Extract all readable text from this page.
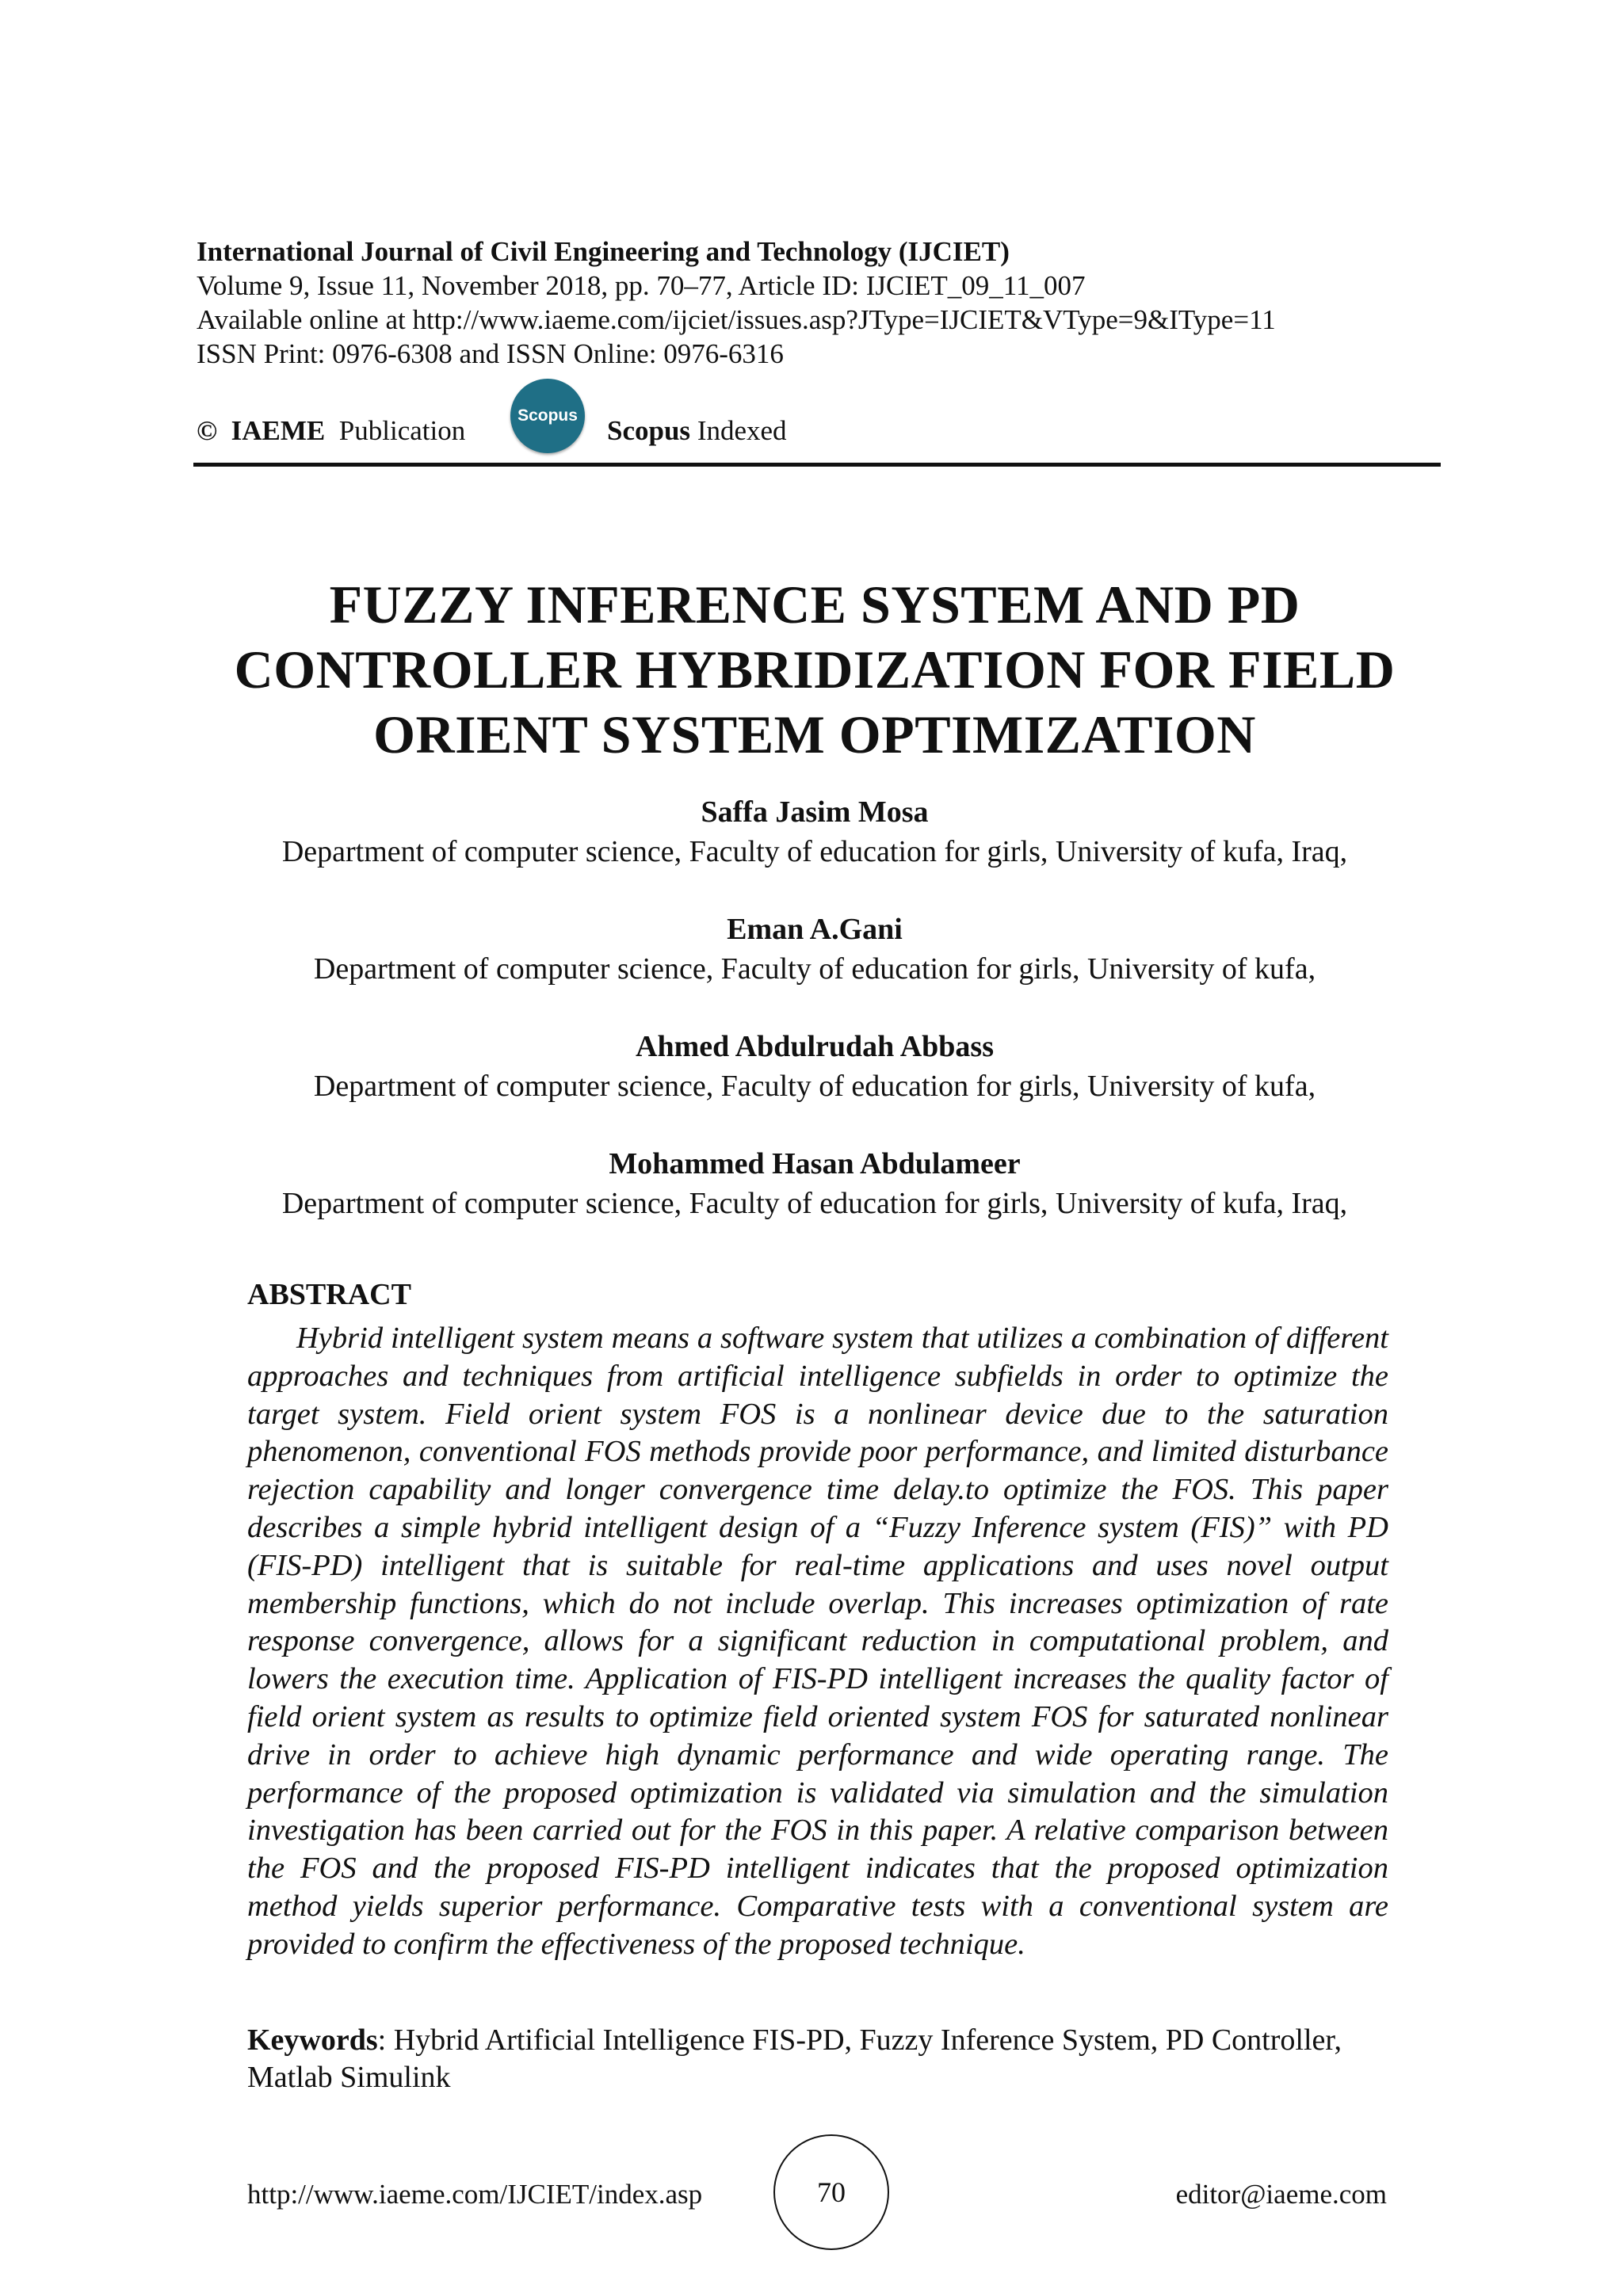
International Journal of Civil Engineering and Technology (IJCIET)
Volume 9, Issue 11, November 2018, pp. 70–77, Article ID: IJCIET_09_11_007
Available online at http://www.iaeme.com/ijciet/issues.asp?JType=IJCIET&VType=9&IType=11
ISSN Print: 0976-6308 and ISSN Online: 0976-6316
© IAEME Publication	Scopus Scopus Indexed
FUZZY INFERENCE SYSTEM AND PD
CONTROLLER HYBRIDIZATION FOR FIELD
ORIENT SYSTEM OPTIMIZATION
Saffa Jasim Mosa
Department of computer science, Faculty of education for girls, University of kufa, Iraq,
Eman A.Gani
Department of computer science, Faculty of education for girls, University of kufa,
Ahmed Abdulrudah Abbass
Department of computer science, Faculty of education for girls, University of kufa,
Mohammed Hasan Abdulameer
Department of computer science, Faculty of education for girls, University of kufa, Iraq,
ABSTRACT
Hybrid intelligent system means a software system that utilizes a combination of different approaches and techniques from artificial intelligence subfields in order to optimize the target system. Field orient system FOS is a nonlinear device due to the saturation phenomenon, conventional FOS methods provide poor performance, and limited disturbance rejection capability and longer convergence time delay.to optimize the FOS. This paper describes a simple hybrid intelligent design of a “Fuzzy Inference system (FIS)” with PD (FIS-PD) intelligent that is suitable for real-time applications and uses novel output membership functions, which do not include overlap. This increases optimization of rate response convergence, allows for a significant reduction in computational problem, and lowers the execution time. Application of FIS-PD intelligent increases the quality factor of field orient system as results to optimize field oriented system FOS for saturated nonlinear drive in order to achieve high dynamic performance and wide operating range. The performance of the proposed optimization is validated via simulation and the simulation investigation has been carried out for the FOS in this paper. A relative comparison between the FOS and the proposed FIS-PD intelligent indicates that the proposed optimization method yields superior performance. Comparative tests with a conventional system are provided to confirm the effectiveness of the proposed technique.
Keywords: Hybrid Artificial Intelligence FIS-PD, Fuzzy Inference System, PD Controller, Matlab Simulink
http://www.iaeme.com/IJCIET/index.asp	70	editor@iaeme.com
